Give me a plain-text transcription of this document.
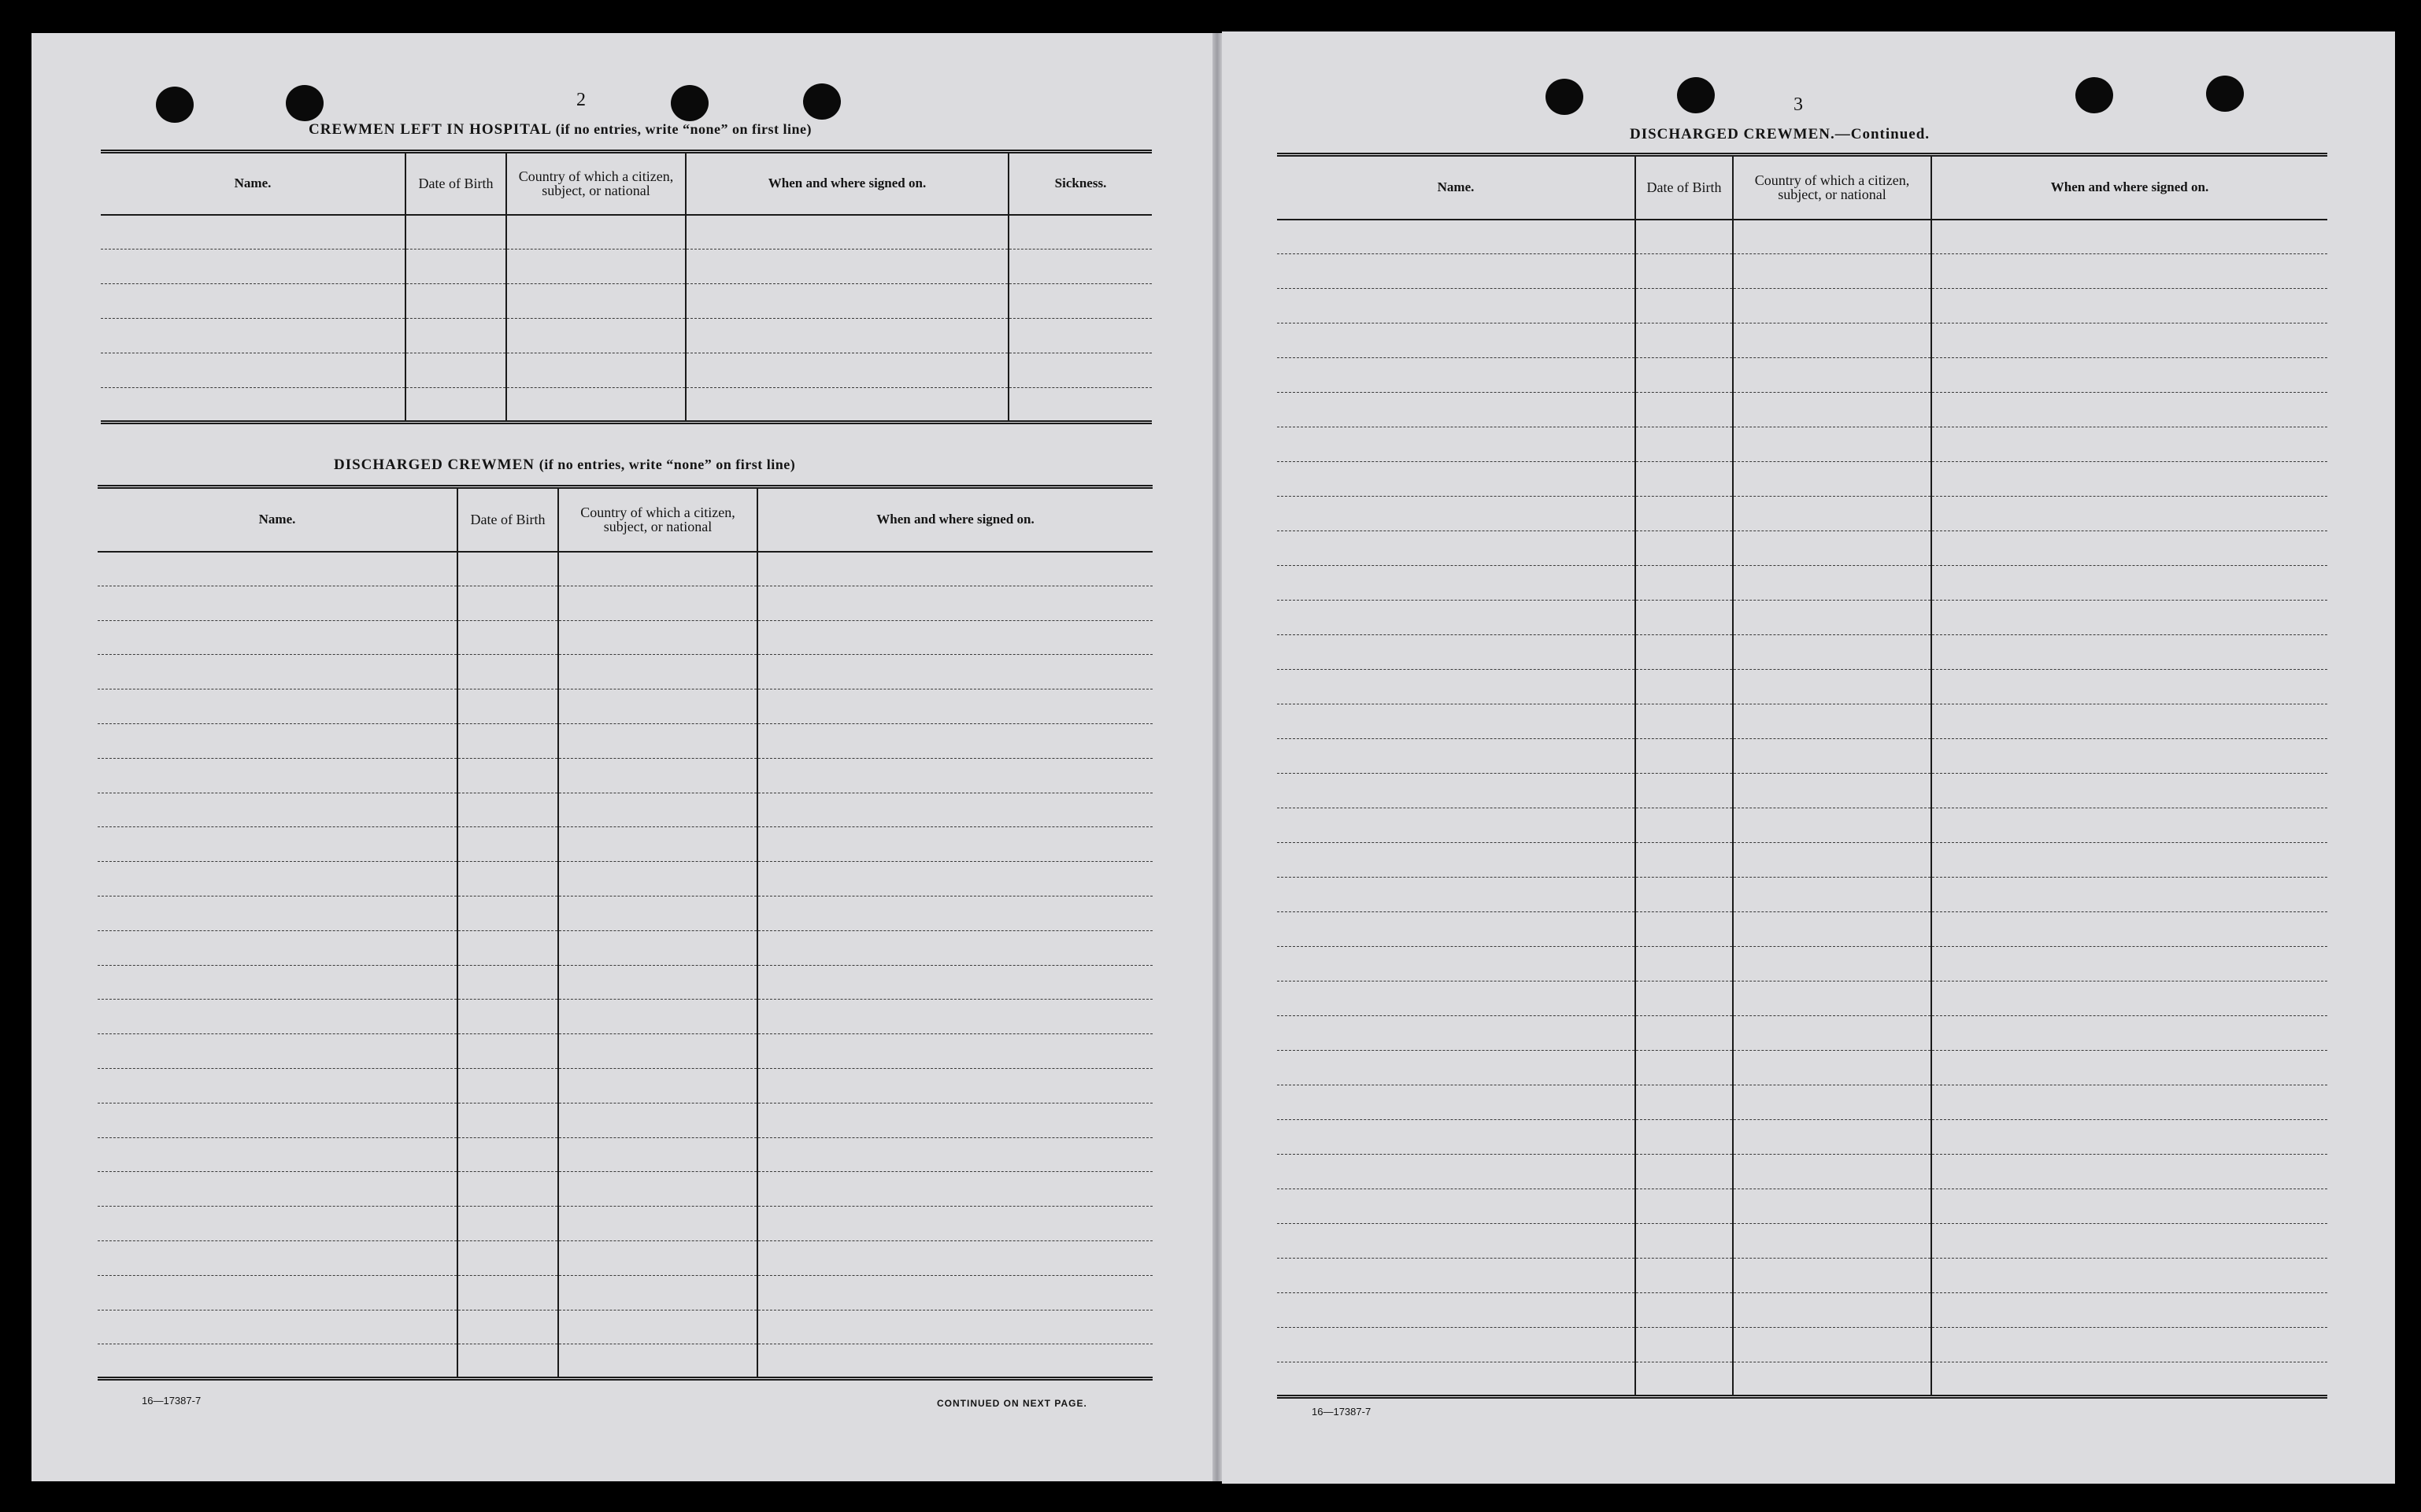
2
CREWMEN LEFT IN HOSPITAL (if no entries, write “none” on first line)
Name.	Date of Birth	Country of which a citizen, subject, or national	When and where signed on.	Sickness.

DISCHARGED CREWMEN (if no entries, write “none” on first line)
Name.	Date of Birth	Country of which a citizen, subject, or national	When and where signed on.

16—17387-7	CONTINUED ON NEXT PAGE.
3
DISCHARGED CREWMEN.—Continued.
Name.	Date of Birth	Country of which a citizen, subject, or national	When and where signed on.

16—17387-7
